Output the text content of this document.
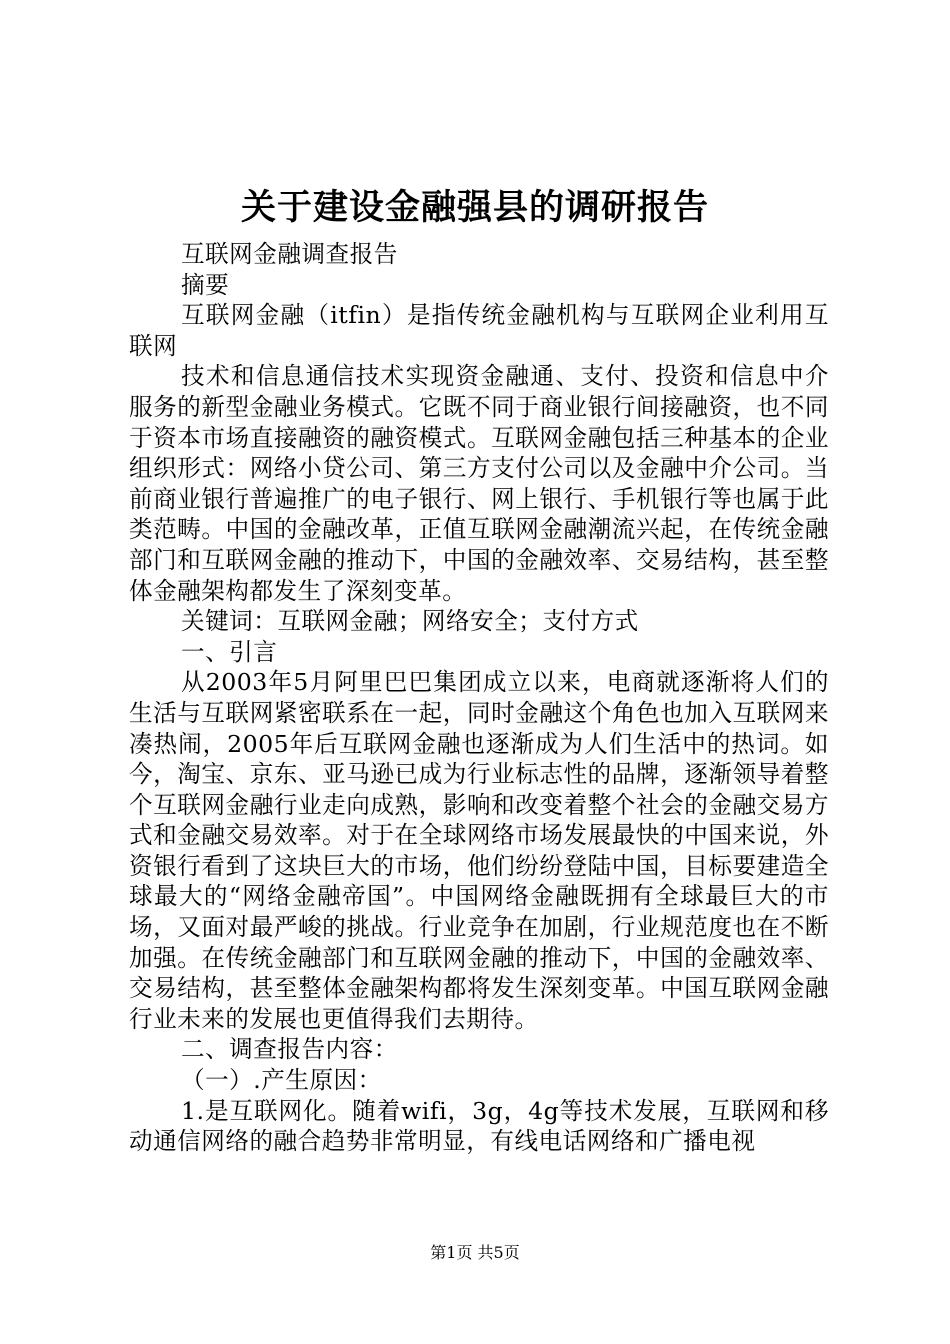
关于建设金融强县的调研报告

互联网金融调查报告

摘要

互联网金融（itfin）是指传统金融机构与互联网企业利用互联网

技术和信息通信技术实现资金融通、支付、投资和信息中介服务的新型金融业务模式。它既不同于商业银行间接融资，也不同于资本市场直接融资的融资模式。互联网金融包括三种基本的企业组织形式：网络小贷公司、第三方支付公司以及金融中介公司。当前商业银行普遍推广的电子银行、网上银行、手机银行等也属于此类范畴。中国的金融改革，正值互联网金融潮流兴起，在传统金融部门和互联网金融的推动下，中国的金融效率、交易结构，甚至整体金融架构都发生了深刻变革。

关键词：互联网金融；网络安全；支付方式

一、引言

从2003年5月阿里巴巴集团成立以来，电商就逐渐将人们的生活与互联网紧密联系在一起，同时金融这个角色也加入互联网来凑热闹，2005年后互联网金融也逐渐成为人们生活中的热词。如今，淘宝、京东、亚马逊已成为行业标志性的品牌，逐渐领导着整个互联网金融行业走向成熟，影响和改变着整个社会的金融交易方式和金融交易效率。对于在全球网络市场发展最快的中国来说，外资银行看到了这块巨大的市场，他们纷纷登陆中国，目标要建造全球最大的“网络金融帝国”。中国网络金融既拥有全球最巨大的市场，又面对最严峻的挑战。行业竞争在加剧，行业规范度也在不断加强。在传统金融部门和互联网金融的推动下，中国的金融效率、交易结构，甚至整体金融架构都将发生深刻变革。中国互联网金融行业未来的发展也更值得我们去期待。

二、调查报告内容：

（一）.产生原因：

1.是互联网化。随着wifi，3g，4g等技术发展，互联网和移动通信网络的融合趋势非常明显，有线电话网络和广播电视

第1页 共5页
